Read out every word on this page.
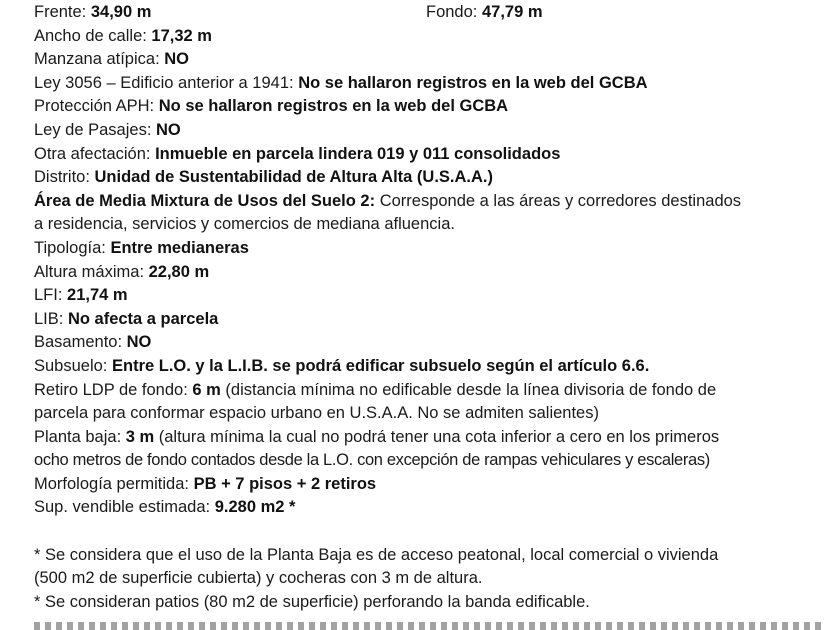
Frente: 34,90 m	Fondo: 47,79 m
Ancho de calle: 17,32 m
Manzana atípica: NO
Ley 3056 – Edificio anterior a 1941: No se hallaron registros en la web del GCBA
Protección APH: No se hallaron registros en la web del GCBA
Ley de Pasajes: NO
Otra afectación: Inmueble en parcela lindera 019 y 011 consolidados
Distrito: Unidad de Sustentabilidad de Altura Alta (U.S.A.A.)
Área de Media Mixtura de Usos del Suelo 2: Corresponde a las áreas y corredores destinados
a residencia, servicios y comercios de mediana afluencia.
Tipología: Entre medianeras
Altura máxima: 22,80 m
LFI: 21,74 m
LIB: No afecta a parcela
Basamento: NO
Subsuelo: Entre L.O. y la L.I.B. se podrá edificar subsuelo según el artículo 6.6.
Retiro LDP de fondo: 6 m (distancia mínima no edificable desde la línea divisoria de fondo de
parcela para conformar espacio urbano en U.S.A.A. No se admiten salientes)
Planta baja: 3 m (altura mínima la cual no podrá tener una cota inferior a cero en los primeros
ocho metros de fondo contados desde la L.O. con excepción de rampas vehiculares y escaleras)
Morfología permitida: PB + 7 pisos + 2 retiros
Sup. vendible estimada: 9.280 m2 *
* Se considera que el uso de la Planta Baja es de acceso peatonal, local comercial o vivienda
(500 m2 de superficie cubierta) y cocheras con 3 m de altura.
* Se consideran patios (80 m2 de superficie) perforando la banda edificable.
